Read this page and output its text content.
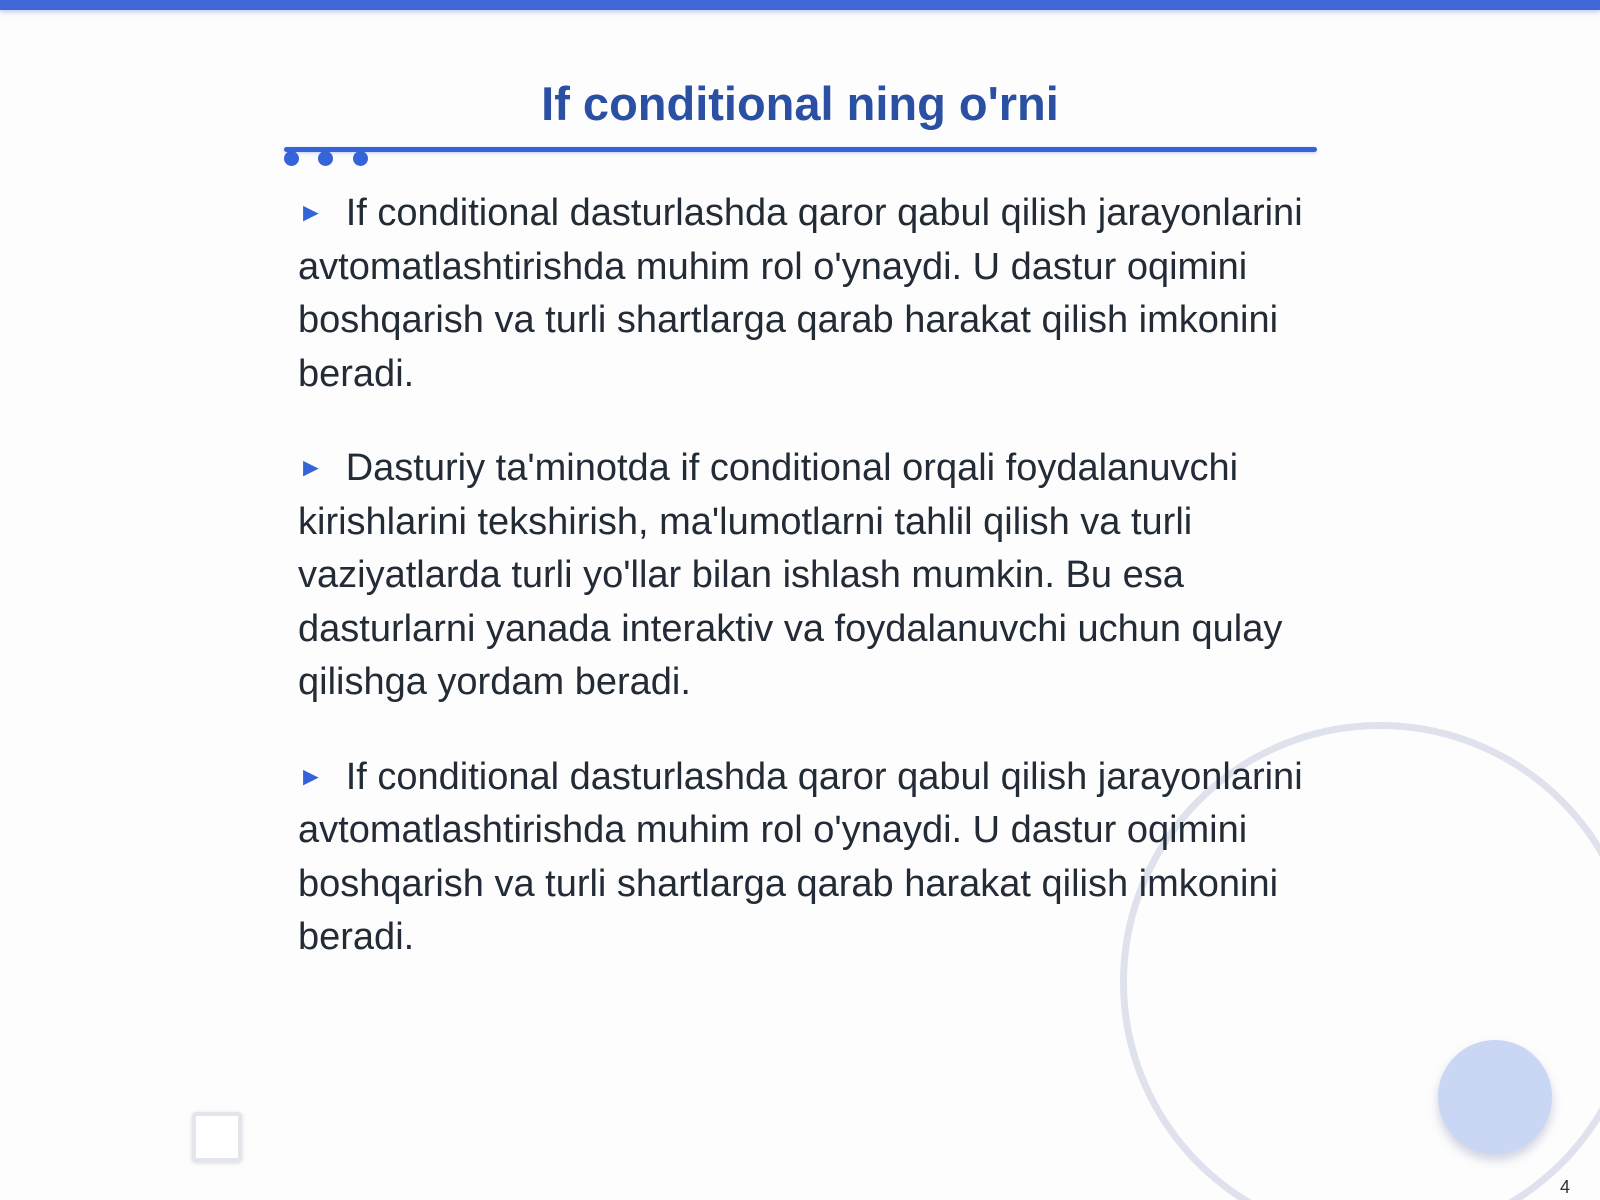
If conditional ning o'rni

► If conditional dasturlashda qaror qabul qilish jarayonlarini avtomatlashtirishda muhim rol o'ynaydi. U dastur oqimini boshqarish va turli shartlarga qarab harakat qilish imkonini beradi.

► Dasturiy ta'minotda if conditional orqali foydalanuvchi kirishlarini tekshirish, ma'lumotlarni tahlil qilish va turli vaziyatlarda turli yo'llar bilan ishlash mumkin. Bu esa dasturlarni yanada interaktiv va foydalanuvchi uchun qulay qilishga yordam beradi.

► If conditional dasturlashda qaror qabul qilish jarayonlarini avtomatlashtirishda muhim rol o'ynaydi. U dastur oqimini boshqarish va turli shartlarga qarab harakat qilish imkonini beradi.

4
